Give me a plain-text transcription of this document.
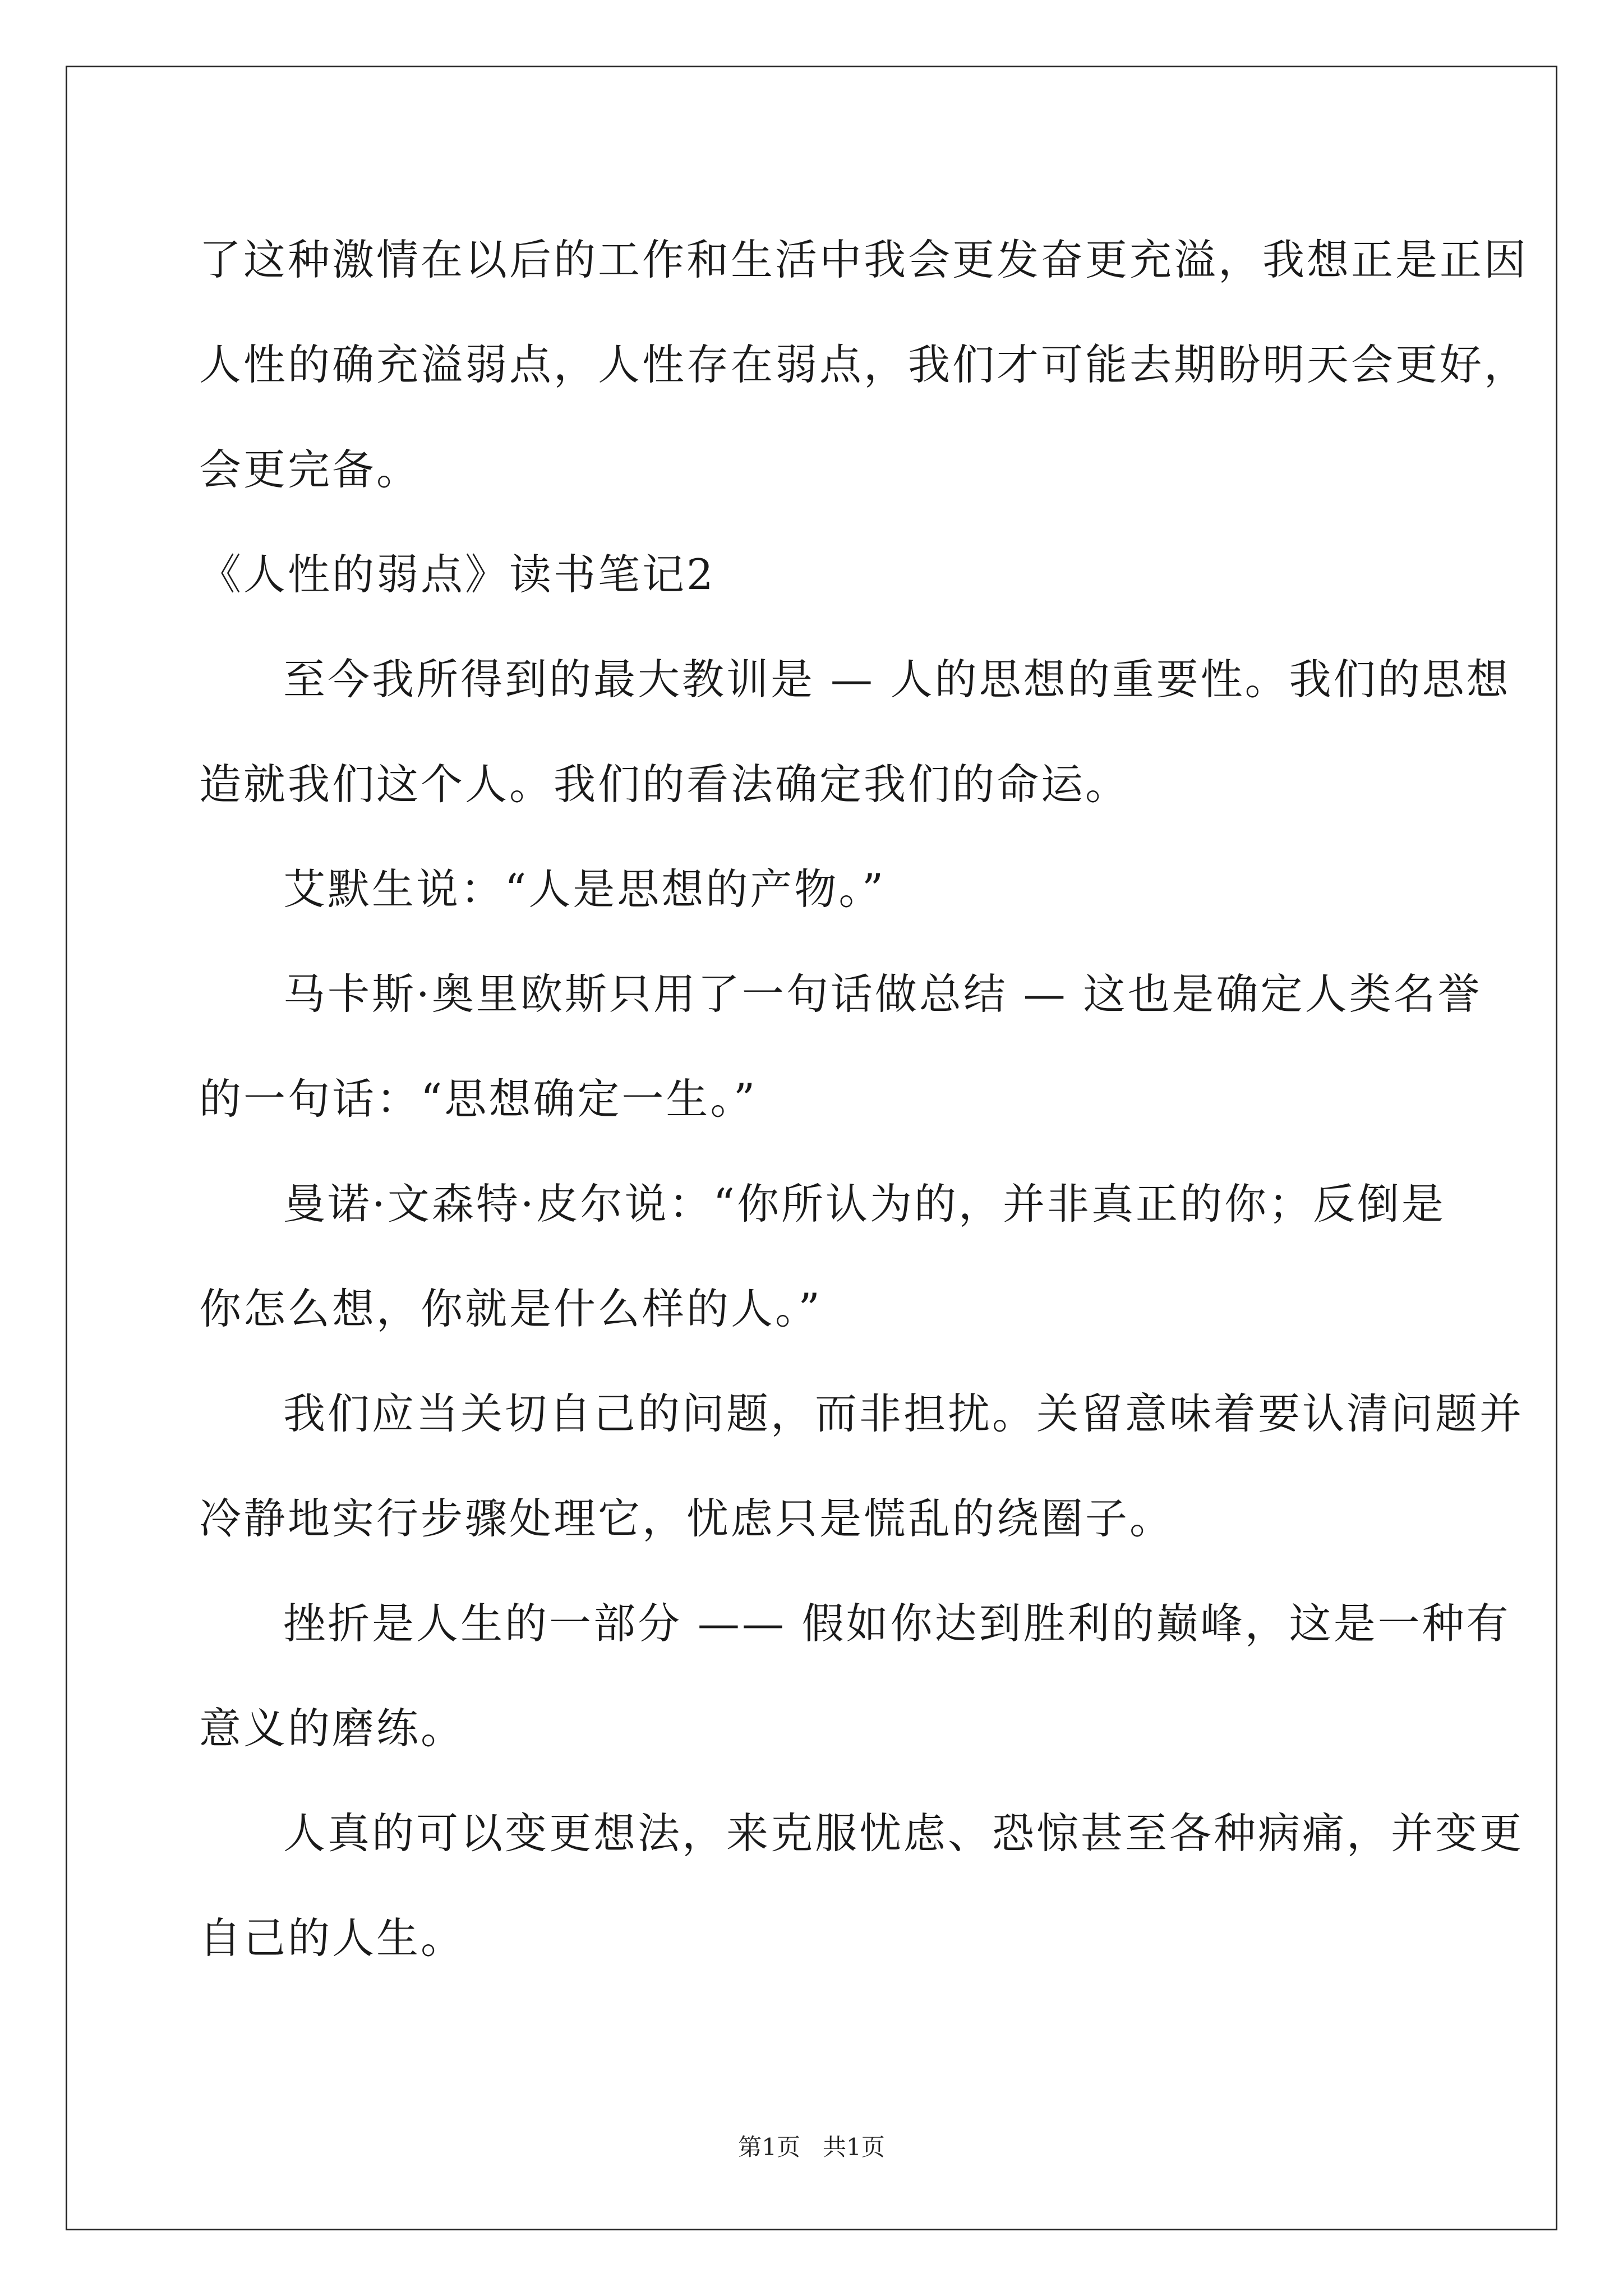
了这种激情在以后的工作和生活中我会更发奋更充溢，我想正是正因
人性的确充溢弱点，人性存在弱点，我们才可能去期盼明天会更好，
会更完备。
《人性的弱点》读书笔记2
至今我所得到的最大教训是 — 人的思想的重要性。我们的思想
造就我们这个人。我们的看法确定我们的命运。
艾默生说：“人是思想的产物。”
马卡斯·奥里欧斯只用了一句话做总结 — 这也是确定人类名誉
的一句话：“思想确定一生。”
曼诺·文森特·皮尔说：“你所认为的，并非真正的你；反倒是
你怎么想，你就是什么样的人。”
我们应当关切自己的问题，而非担扰。关留意味着要认清问题并
冷静地实行步骤处理它，忧虑只是慌乱的绕圈子。
挫折是人生的一部分 —— 假如你达到胜利的巅峰，这是一种有
意义的磨练。
人真的可以变更想法，来克服忧虑、恐惊甚至各种病痛，并变更
自己的人生。
第1页 共1页
